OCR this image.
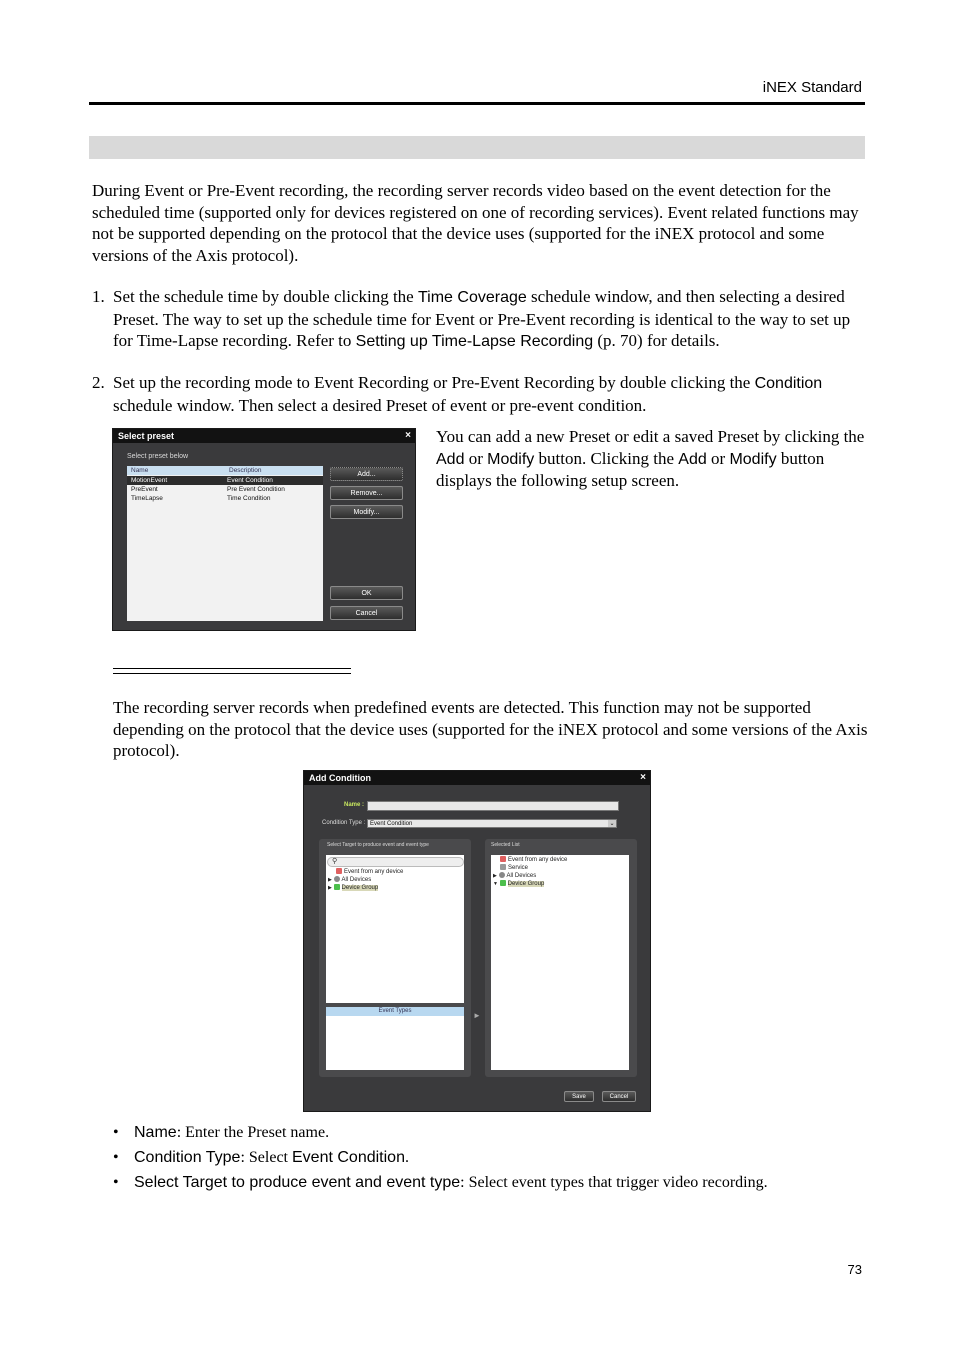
iNEX Standard
During Event or Pre-Event recording, the recording server records video based on the event detection for the scheduled time (supported only for devices registered on one of recording services). Event related functions may not be supported depending on the protocol that the device uses (supported for the iNEX protocol and some versions of the Axis protocol).
1. Set the schedule time by double clicking the Time Coverage schedule window, and then selecting a desired Preset. The way to set up the schedule time for Event or Pre-Event recording is identical to the way to set up for Time-Lapse recording. Refer to Setting up Time-Lapse Recording (p. 70) for details.
2. Set up the recording mode to Event Recording or Pre-Event Recording by double clicking the Condition schedule window. Then select a desired Preset of event or pre-event condition.
Select preset	×
Select preset below
Name	Description
MotionEvent	Event Condition
PreEvent	Pre Event Condition
TimeLapse	Time Condition
Add...
Remove...
Modify...
OK
Cancel
You can add a new Preset or edit a saved Preset by clicking the Add or Modify button. Clicking the Add or Modify button displays the following setup screen.
The recording server records when predefined events are detected. This function may not be supported depending on the protocol that the device uses (supported for the iNEX protocol and some versions of the Axis protocol).
Add Condition	×
Name :
Condition Type : Event Condition	⌄
Select Target to produce event and event type
⚲
Event from any device
▶ All Devices
▶ Device Group
Event Types	►
Selected List
Event from any device
Service
▶ All Devices
▼ Device Group
Save	Cancel
• Name: Enter the Preset name.
• Condition Type: Select Event Condition.
• Select Target to produce event and event type: Select event types that trigger video recording.
73
